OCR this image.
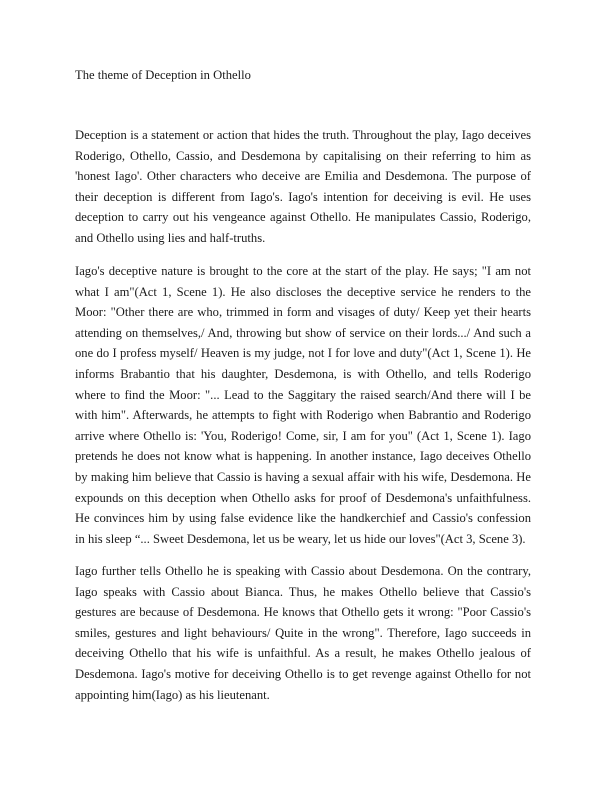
The theme of Deception in Othello

Deception is a statement or action that hides the truth. Throughout the play, Iago deceives Roderigo, Othello, Cassio, and Desdemona by capitalising on their referring to him as 'honest Iago'. Other characters who deceive are Emilia and Desdemona. The purpose of their deception is different from Iago's. Iago's intention for deceiving is evil. He uses deception to carry out his vengeance against Othello. He manipulates Cassio, Roderigo, and Othello using lies and half-truths.

Iago's deceptive nature is brought to the core at the start of the play. He says; "I am not what I am"(Act 1, Scene 1). He also discloses the deceptive service he renders to the Moor: "Other there are who, trimmed in form and visages of duty/ Keep yet their hearts attending on themselves,/ And, throwing but show of service on their lords.../ And such a one do I profess myself/ Heaven is my judge, not I for love and duty"(Act 1, Scene 1). He informs Brabantio that his daughter, Desdemona, is with Othello, and tells Roderigo where to find the Moor: "... Lead to the Saggitary the raised search/And there will I be with him". Afterwards, he attempts to fight with Roderigo when Babrantio and Roderigo arrive where Othello is: 'You, Roderigo! Come, sir, I am for you" (Act 1, Scene 1). Iago pretends he does not know what is happening. In another instance, Iago deceives Othello by making him believe that Cassio is having a sexual affair with his wife, Desdemona. He expounds on this deception when Othello asks for proof of Desdemona's unfaithfulness. He convinces him by using false evidence like the handkerchief and Cassio's confession in his sleep “... Sweet Desdemona, let us be weary, let us hide our loves"(Act 3, Scene 3).

Iago further tells Othello he is speaking with Cassio about Desdemona. On the contrary, Iago speaks with Cassio about Bianca. Thus, he makes Othello believe that Cassio's gestures are because of Desdemona. He knows that Othello gets it wrong: "Poor Cassio's smiles, gestures and light behaviours/ Quite in the wrong". Therefore, Iago succeeds in deceiving Othello that his wife is unfaithful. As a result, he makes Othello jealous of Desdemona. Iago's motive for deceiving Othello is to get revenge against Othello for not appointing him(Iago) as his lieutenant.
